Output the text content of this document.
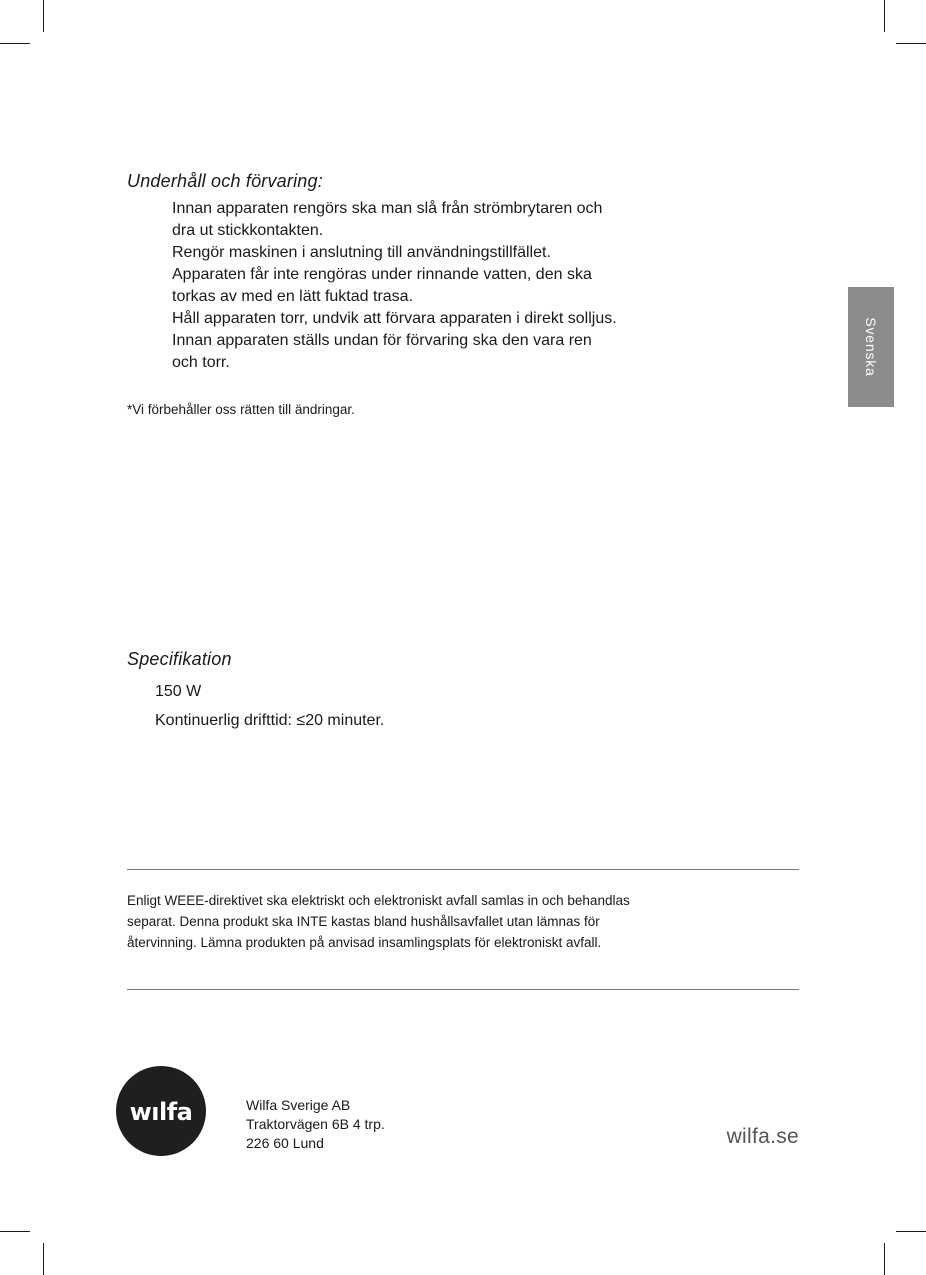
Underhåll och förvaring:
Innan apparaten rengörs ska man slå från strömbrytaren och
dra ut stickkontakten.
Rengör maskinen i anslutning till användningstillfället.
Apparaten får inte rengöras under rinnande vatten, den ska
torkas av med en lätt fuktad trasa.
Håll apparaten torr, undvik att förvara apparaten i direkt solljus.
Innan apparaten ställs undan för förvaring ska den vara ren
och torr.

*Vi förbehåller oss rätten till ändringar.

Specifikation
150 W
Kontinuerlig drifttid: ≤20 minuter.

Enligt WEEE-direktivet ska elektriskt och elektroniskt avfall samlas in och behandlas
separat. Denna produkt ska INTE kastas bland hushållsavfallet utan lämnas för
återvinning. Lämna produkten på anvisad insamlingsplats för elektroniskt avfall.

Svenska
wılfa	Wilfa Sverige AB
Traktorvägen 6B 4 trp.
226 60 Lund	wilfa.se
